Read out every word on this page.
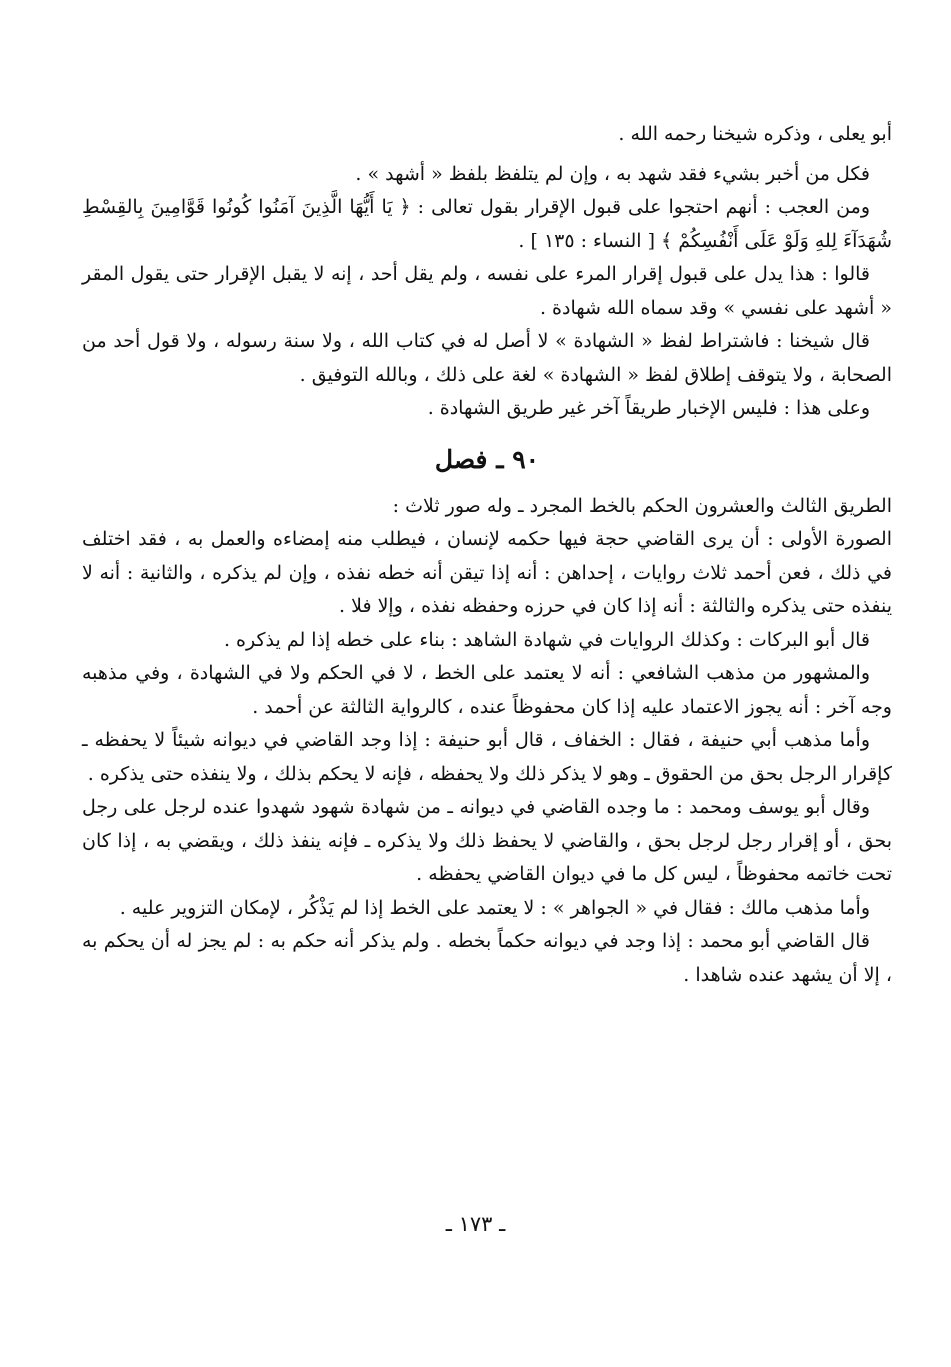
أبو يعلى ، وذكره شيخنا رحمه الله .

فكل من أخبر بشيء فقد شهد به ، وإن لم يتلفظ بلفظ « أشهد » .

ومن العجب : أنهم احتجوا على قبول الإقرار بقول تعالى : ﴿ يَا أَيُّهَا الَّذِينَ آمَنُوا كُونُوا قَوَّامِينَ بِالقِسْطِ شُهَدَآءَ لِلهِ وَلَوْ عَلَى أَنْفُسِكُمْ ﴾ [ النساء : ١٣٥ ] .

قالوا : هذا يدل على قبول إقرار المرء على نفسه ، ولم يقل أحد ، إنه لا يقبل الإقرار حتى يقول المقر « أشهد على نفسي » وقد سماه الله شهادة .

قال شيخنا : فاشتراط لفظ « الشهادة » لا أصل له في كتاب الله ، ولا سنة رسوله ، ولا قول أحد من الصحابة ، ولا يتوقف إطلاق لفظ « الشهادة » لغة على ذلك ، وبالله التوفيق .

وعلى هذا : فليس الإخبار طريقاً آخر غير طريق الشهادة .

٩٠ ـ فصل

الطريق الثالث والعشرون الحكم بالخط المجرد ـ وله صور ثلاث :

الصورة الأولى : أن يرى القاضي حجة فيها حكمه لإنسان ، فيطلب منه إمضاءه والعمل به ، فقد اختلف في ذلك ، فعن أحمد ثلاث روايات ، إحداهن : أنه إذا تيقن أنه خطه نفذه ، وإن لم يذكره ، والثانية : أنه لا ينفذه حتى يذكره والثالثة : أنه إذا كان في حرزه وحفظه نفذه ، وإلا فلا .

قال أبو البركات : وكذلك الروايات في شهادة الشاهد : بناء على خطه إذا لم يذكره .

والمشهور من مذهب الشافعي : أنه لا يعتمد على الخط ، لا في الحكم ولا في الشهادة ، وفي مذهبه وجه آخر : أنه يجوز الاعتماد عليه إذا كان محفوظاً عنده ، كالرواية الثالثة عن أحمد .

وأما مذهب أبي حنيفة ، فقال : الخفاف ، قال أبو حنيفة : إذا وجد القاضي في ديوانه شيئاً لا يحفظه ـ كإقرار الرجل بحق من الحقوق ـ وهو لا يذكر ذلك ولا يحفظه ، فإنه لا يحكم بذلك ، ولا ينفذه حتى يذكره .

وقال أبو يوسف ومحمد : ما وجده القاضي في ديوانه ـ من شهادة شهود شهدوا عنده لرجل على رجل بحق ، أو إقرار رجل لرجل بحق ، والقاضي لا يحفظ ذلك ولا يذكره ـ فإنه ينفذ ذلك ، ويقضي به ، إذا كان تحت خاتمه محفوظاً ، ليس كل ما في ديوان القاضي يحفظه .

وأما مذهب مالك : فقال في « الجواهر » : لا يعتمد على الخط إذا لم يَذْكُر ، لإمكان التزوير عليه .

قال القاضي أبو محمد : إذا وجد في ديوانه حكماً بخطه . ولم يذكر أنه حكم به : لم يجز له أن يحكم به ، إلا أن يشهد عنده شاهدا .

ـ ١٧٣ ـ
